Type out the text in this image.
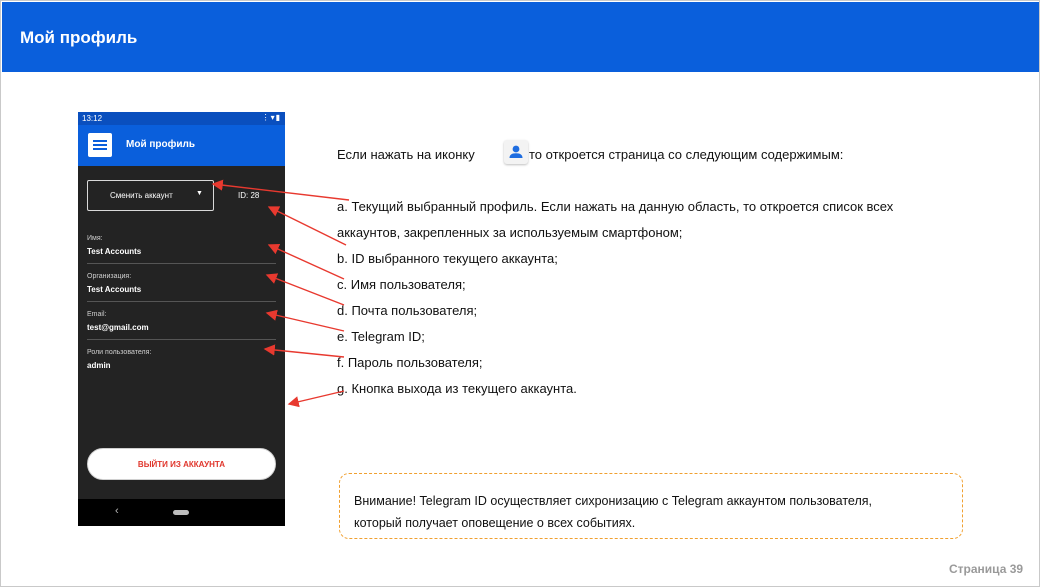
Мой профиль
13:12	⋮▾▮
Мой профиль
Сменить аккаунт	▼	ID: 28
Имя:
Test Accounts
Организация:
Test Accounts
Email:
test@gmail.com
Роли пользователя:
admin
ВЫЙТИ ИЗ АККАУНТА
‹
Если нажать на иконку	то откроется страница со следующим содержимым:
a. Текущий выбранный профиль. Если нажать на данную область, то откроется список всех
аккаунтов, закрепленных за используемым смартфоном;
b. ID выбранного текущего аккаунта;
c. Имя пользователя;
d. Почта пользователя;
e. Telegram ID;
f. Пароль пользователя;
g. Кнопка выхода из текущего аккаунта.
Внимание! Telegram ID осуществляет сихронизацию с Telegram аккаунтом пользователя,
который получает оповещение о всех событиях.
Страница 39
